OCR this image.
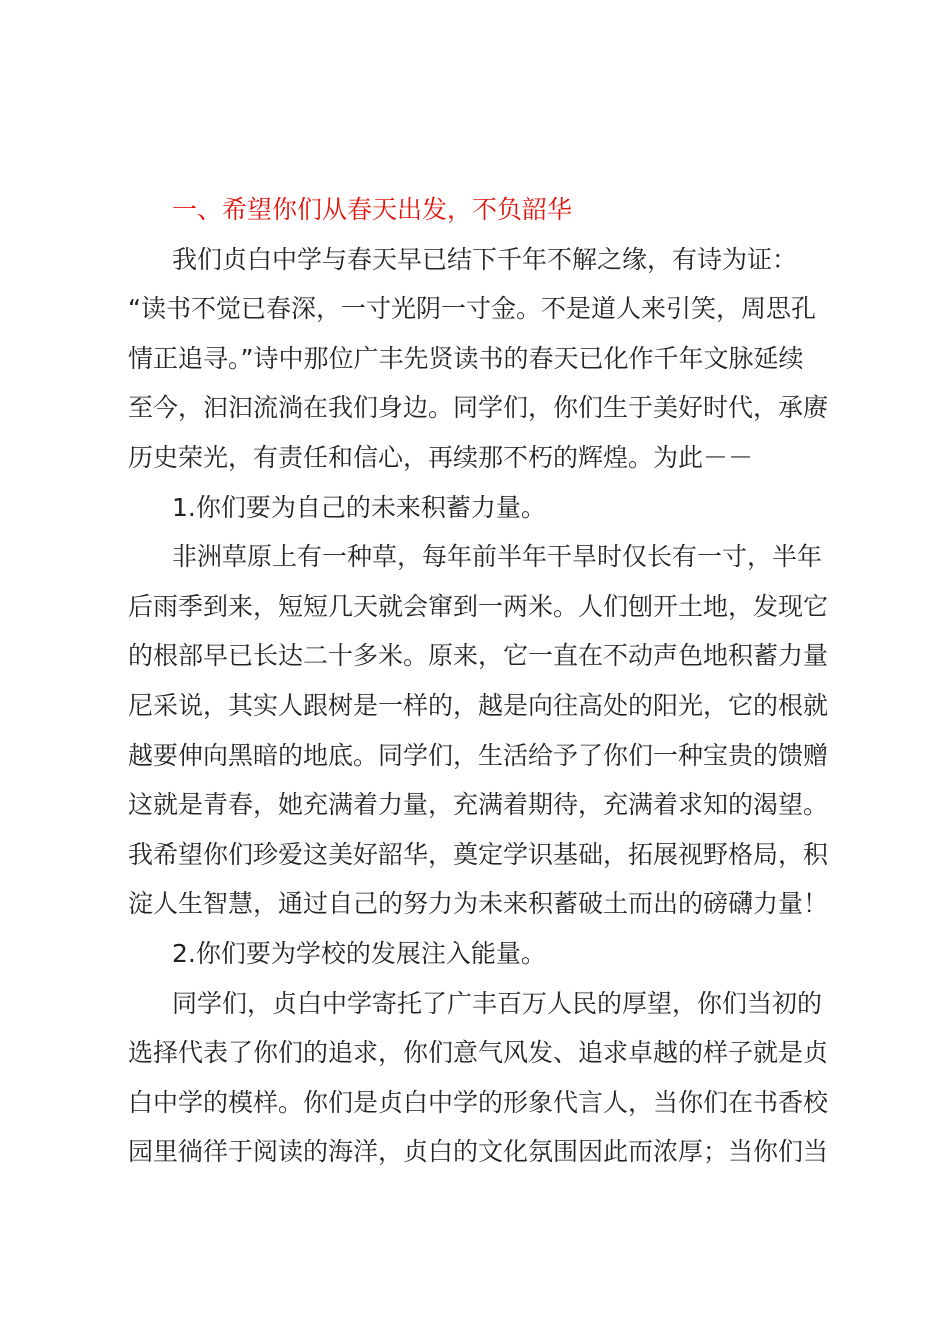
一、希望你们从春天出发，不负韶华

我们贞白中学与春天早已结下千年不解之缘，有诗为证：
“读书不觉已春深，一寸光阴一寸金。不是道人来引笑，周思孔
情正追寻。”诗中那位广丰先贤读书的春天已化作千年文脉延续
至今，汩汩流淌在我们身边。同学们，你们生于美好时代，承赓
历史荣光，有责任和信心，再续那不朽的辉煌。为此－－

1.你们要为自己的未来积蓄力量。

非洲草原上有一种草，每年前半年干旱时仅长有一寸，半年
后雨季到来，短短几天就会窜到一两米。人们刨开土地，发现它
的根部早已长达二十多米。原来，它一直在不动声色地积蓄力量
尼采说，其实人跟树是一样的，越是向往高处的阳光，它的根就
越要伸向黑暗的地底。同学们，生活给予了你们一种宝贵的馈赠
这就是青春，她充满着力量，充满着期待，充满着求知的渴望。
我希望你们珍爱这美好韶华，奠定学识基础，拓展视野格局，积
淀人生智慧，通过自己的努力为未来积蓄破土而出的磅礴力量！

2.你们要为学校的发展注入能量。

同学们，贞白中学寄托了广丰百万人民的厚望，你们当初的
选择代表了你们的追求，你们意气风发、追求卓越的样子就是贞
白中学的模样。你们是贞白中学的形象代言人，当你们在书香校
园里徜徉于阅读的海洋，贞白的文化氛围因此而浓厚；当你们当
